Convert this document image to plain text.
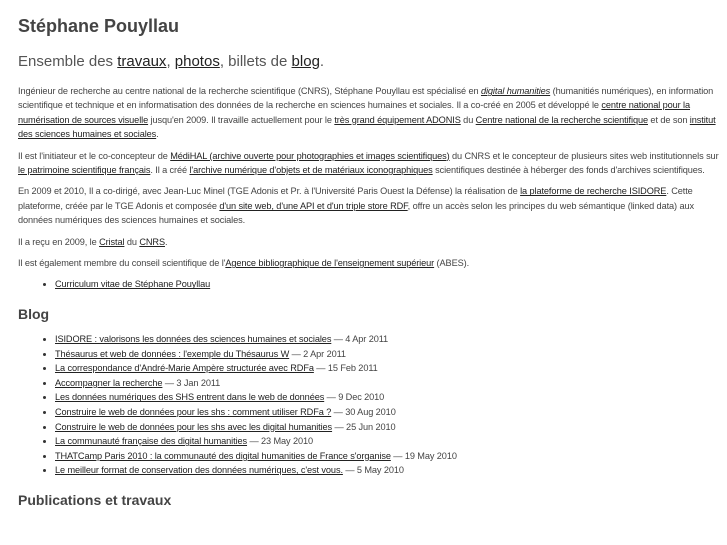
Stéphane Pouyllau
Ensemble des travaux, photos, billets de blog.

Ingénieur de recherche au centre national de la recherche scientifique (CNRS), Stéphane Pouyllau est spécialisé en digital humanities (humanitiés numériques), en information scientifique et technique et en informatisation des données de la recherche en sciences humaines et sociales. Il a co-créé en 2005 et développé le centre national pour la numérisation de sources visuelle jusqu'en 2009. Il travaille actuellement pour le très grand équipement ADONIS du Centre national de la recherche scientifique et de son institut des sciences humaines et sociales.

Il est l'initiateur et le co-concepteur de MédiHAL (archive ouverte pour photographies et images scientifiques) du CNRS et le concepteur de plusieurs sites web institutionnels sur le patrimoine scientifique français. Il a créé l'archive numérique d'objets et de matériaux iconographiques scientifiques destinée à héberger des fonds d'archives scientifiques.

En 2009 et 2010, Il a co-dirigé, avec Jean-Luc Minel (TGE Adonis et Pr. à l'Université Paris Ouest la Défense) la réalisation de la plateforme de recherche ISIDORE. Cette plateforme, créée par le TGE Adonis et composée d'un site web, d'une API et d'un triple store RDF, offre un accès selon les principes du web sémantique (linked data) aux données numériques des sciences humaines et sociales.

Il a reçu en 2009, le Cristal du CNRS.

Il est également membre du conseil scientifique de l'Agence bibliographique de l'enseignement supérieur (ABES).

• Curriculum vitae de Stéphane Pouyllau
Blog
• ISIDORE : valorisons les données des sciences humaines et sociales — 4 Apr 2011
• Thésaurus et web de données : l'exemple du Thésaurus W — 2 Apr 2011
• La correspondance d'André-Marie Ampère structurée avec RDFa — 15 Feb 2011
• Accompagner la recherche — 3 Jan 2011
• Les données numériques des SHS entrent dans le web de données — 9 Dec 2010
• Construire le web de données pour les shs : comment utiliser RDFa ? — 30 Aug 2010
• Construire le web de données pour les shs avec les digital humanities — 25 Jun 2010
• La communauté française des digital humanities — 23 May 2010
• THATCamp Paris 2010 : la communauté des digital humanities de France s'organise — 19 May 2010
• Le meilleur format de conservation des données numériques, c'est vous. — 5 May 2010
Publications et travaux
